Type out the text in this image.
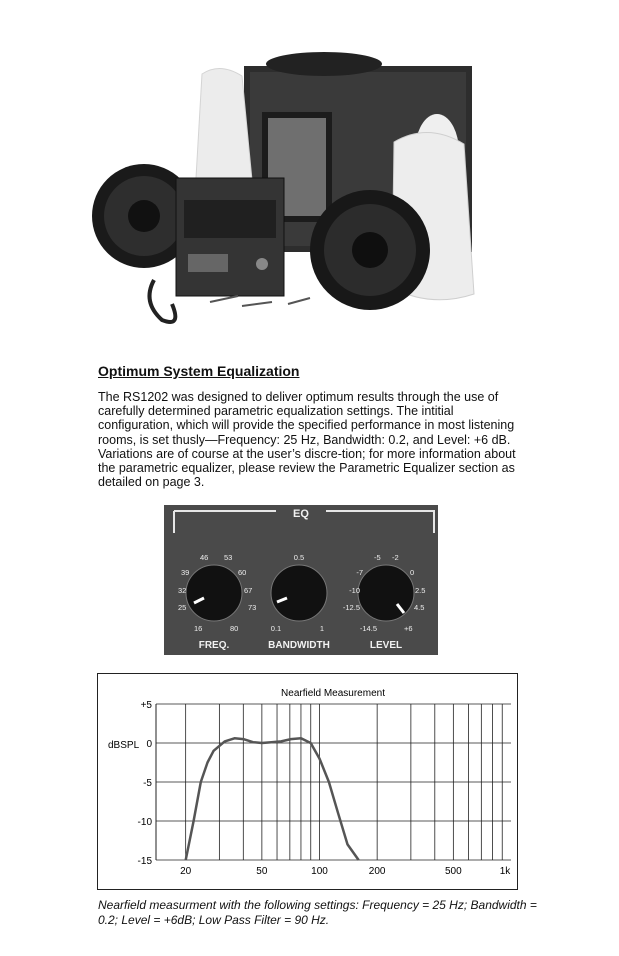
Optimum System Equalization

The RS1202 was designed to deliver optimum results through the use of carefully determined parametric equalization settings. The intitial configuration, which will provide the specified performance in most listening rooms, is set thusly—Frequency: 25 Hz, Bandwidth: 0.2, and Level: +6 dB. Variations are of course at the user’s discre-tion; for more information about the parametric equalizer, please review the Parametric Equalizer section as detailed on page 3.

EQ
25
32
39
46 53
60
67
73
16	80
FREQ.
0.5
0.1	1
BANDWIDTH
-14.5
-12.5
-10
-7
-5 -2
0
2.5
4.5
+6
LEVEL
Nearfield Measurement
dBSPL
+5
0
-5
-10
-15
20	50	100	200	500	1k

Nearfield measurment with the following settings: Frequency = 25 Hz; Bandwidth = 0.2; Level = +6dB; Low Pass Filter = 90 Hz.
